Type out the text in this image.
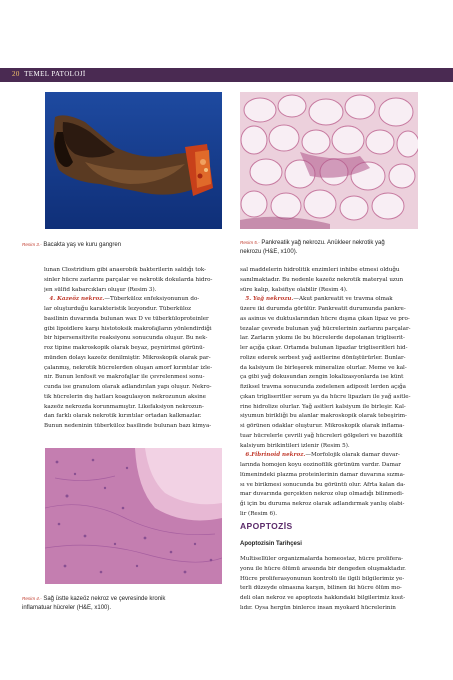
20 TEMEL PATOLOJİ
Resim 3.- Bacakta yaş ve kuru gangren	Resim 5.- Pankreatik yağ nekrozu. Anükleer nekrotik yağ
nekrozu (H&E, x100).
lunan Clostridium gibi anaerobik bakterilerin saldığı tok-
sinler hücre zarlarını parçalar ve nekrotik dokularda hidro-
jen sülfid kabarcıkları oluşur (Resim 3).
4. Kazeöz nekroz.—Tüberküloz enfeksiyonunun do-
lar oluşturduğu karakteristik lezyondur. Tüberküloz
basilinin duvarında bulunan wax D ve tüberküloproteinler
gibi lipoidlere karşı histotoksik makrofajların yönlendirdiği
bir hipersensitivite reaksiyonu sonucunda oluşur. Bu nek-
roz tipine makroskopik olarak beyaz, peynirimsi görünü-
münden dolayı kazeöz denilmiştir. Mikroskopik olarak par-
çalanmış, nekrotik hücrelerden oluşan amorf kırıntılar izle-
nir. Bunun lenfosit ve makrofajlar ile çevrelenmesi sonu-
cunda ise granulom olarak adlandırılan yapı oluşur. Nekro-
tik hücrelerin dış hatları koagulasyon nekrozunun aksine
kazeöz nekrozda korunmamıştır. Likefaksiyon nekrozun-
dan farklı olarak nekrotik kırıntılar ortadan kalkmazlar.
Bunun nedeninin tüberküloz basilinde bulunan bazı kimya-
Resim 4.- Sağ üstte kazeöz nekroz ve çevresinde kronik
inflamatuar hücreler (H&E, x100).
sal maddelerin hidrolitik enzimleri inhibe etmesi olduğu
sanılmaktadır. Bu nedenle kazeöz nekrotik materyal uzun
süre kalıp, kalsifiye olabilir (Resim 4).
5. Yağ nekrozu.—Akut pankreatit ve travma olmak
üzere iki durumda görülür. Pankreatit durumunda pankre-
as asinus ve duktuslarından hücre dışına çıkan lipaz ve pro-
tezalar çevrede bulunan yağ hücrelerinin zarlarını parçalar-
lar. Zarların yıkımı ile bu hücrelerde depolanan trigliserit-
ler açığa çıkar. Ortamda bulunan lipazlar trigliseritleri hid-
rolize ederek serbest yağ asitlerine dönüştürürler. Bunlar-
da kalsiyum ile birleşerek mineralize olurlar. Meme ve kal-
ça gibi yağ dokusundan zengin lokalizasyonlarda ise künt
fiziksel travma sonucunda zedelenen adiposit lerden açığa
çıkan trigliseritler serum ya da hücre lipazları ile yağ asitle-
rine hidrolize olurlar. Yağ asitleri kalsiyum ile birleşir. Kal-
siyumun birikliği bu alanlar makroskopik olarak tebeşirim-
si görünen odaklar oluşturur. Mikroskopik olarak inflama-
tuar hücrelerle çevrili yağ hücreleri gölgeleri ve bazofilik
kalsiyum birikintileri izlenir (Resim 5).
6.Fibrinoid nekroz.—Morfolojik olarak damar duvar-
larında homojen koyu eozinofilik görünüm vardır. Damar
lümenindeki plazma proteinlerinin damar duvarına sızma-
sı ve birikmesi sonucunda bu görüntü olur. Afrta kalan da-
mar duvarında gerçekten nekroz olup olmadığı bilinmedi-
ği için bu duruma nekroz olarak adlandırmak yanlış olabi-
lir (Resim 6).
APOPTOZİS
Apoptozisin Tarihçesi
Multisellüler organizmalarda homeostaz, hücre prolifera-
yonu ile hücre ölümü arasında bir dengeden oluşmaktadır.
Hücre proliferasyonunun kontrolü ile ilgili bilgilerimiz ye-
terli düzeyde olmasına karşın, bilinen iki hücre ölüm mo-
deli olan nekroz ve apoptozis hakkındaki bilgilerimiz kısıt-
lıdır. Oysa hergün binlerce insan myokard hücrelerinin
